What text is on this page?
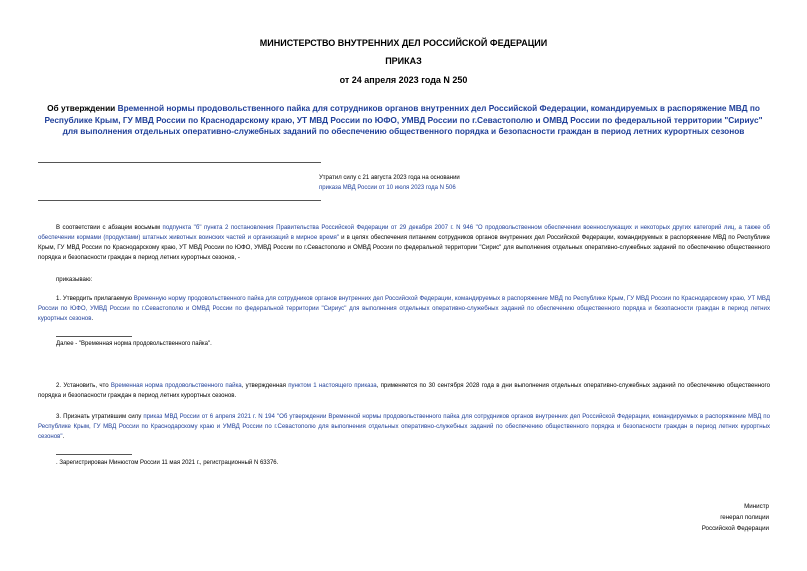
МИНИСТЕРСТВО ВНУТРЕННИХ ДЕЛ РОССИЙСКОЙ ФЕДЕРАЦИИ
ПРИКАЗ
от 24 апреля 2023 года N 250
Об утверждении Временной нормы продовольственного пайка для сотрудников органов внутренних дел Российской Федерации, командируемых в распоряжение МВД по Республике Крым, ГУ МВД России по Краснодарскому краю, УТ МВД России по ЮФО, УМВД России по г.Севастополю и ОМВД России по федеральной территории "Сириус" для выполнения отдельных оперативно-служебных заданий по обеспечению общественного порядка и безопасности граждан в период летних курортных сезонов
Утратил силу с 21 августа 2023 года на основании
приказа МВД России от 10 июля 2023 года N 506
В соответствии с абзацем восьмым подпункта "б" пункта 2 постановления Правительства Российской Федерации от 29 декабря 2007 г. N 946 "О продовольственном обеспечении военнослужащих и некоторых других категорий лиц, а также об обеспечении кормами (продуктами) штатных животных воинских частей и организаций в мирное время" и в целях обеспечения питанием сотрудников органов внутренних дел Российской Федерации, командируемых в распоряжение МВД по Республике Крым, ГУ МВД России по Краснодарскому краю, УТ МВД России по ЮФО, УМВД России по г.Севастополю и ОМВД России по федеральной территории "Сирис" для выполнения отдельных оперативно-служебных заданий по обеспечению общественного порядка и безопасности граждан в период летних курортных сезонов, -
приказываю:
1. Утвердить прилагаемую Временную норму продовольственного пайка для сотрудников органов внутренних дел Российской Федерации, командируемых в распоряжение МВД по Республике Крым, ГУ МВД России по Краснодарскому краю, УТ МВД России по ЮФО, УМВД России по г.Севастополю и ОМВД России по федеральной территории "Сириус" для выполнения отдельных оперативно-служебных заданий по обеспечению общественного порядка и безопасности граждан в период летних курортных сезонов.
Далее - "Временная норма продовольственного пайка".
2. Установить, что Временная норма продовольственного пайка, утвержденная пунктом 1 настоящего приказа, применяется по 30 сентября 2028 года в дни выполнения отдельных оперативно-служебных заданий по обеспечению общественного порядка и безопасности граждан в период летних курортных сезонов.
3. Признать утратившим силу приказ МВД России от 6 апреля 2021 г. N 194 "Об утверждении Временной нормы продовольственного пайка для сотрудников органов внутренних дел Российской Федерации, командируемых в распоряжение МВД по Республике Крым, ГУ МВД России по Краснодарскому краю и УМВД России по г.Севастополю для выполнения отдельных оперативно-служебных заданий по обеспечению общественного порядка и безопасности граждан в период летних курортных сезонов".
. Зарегистрирован Минюстом России 11 мая 2021 г., регистрационный N 63376.
Министр
генерал полиции
Российской Федерации
